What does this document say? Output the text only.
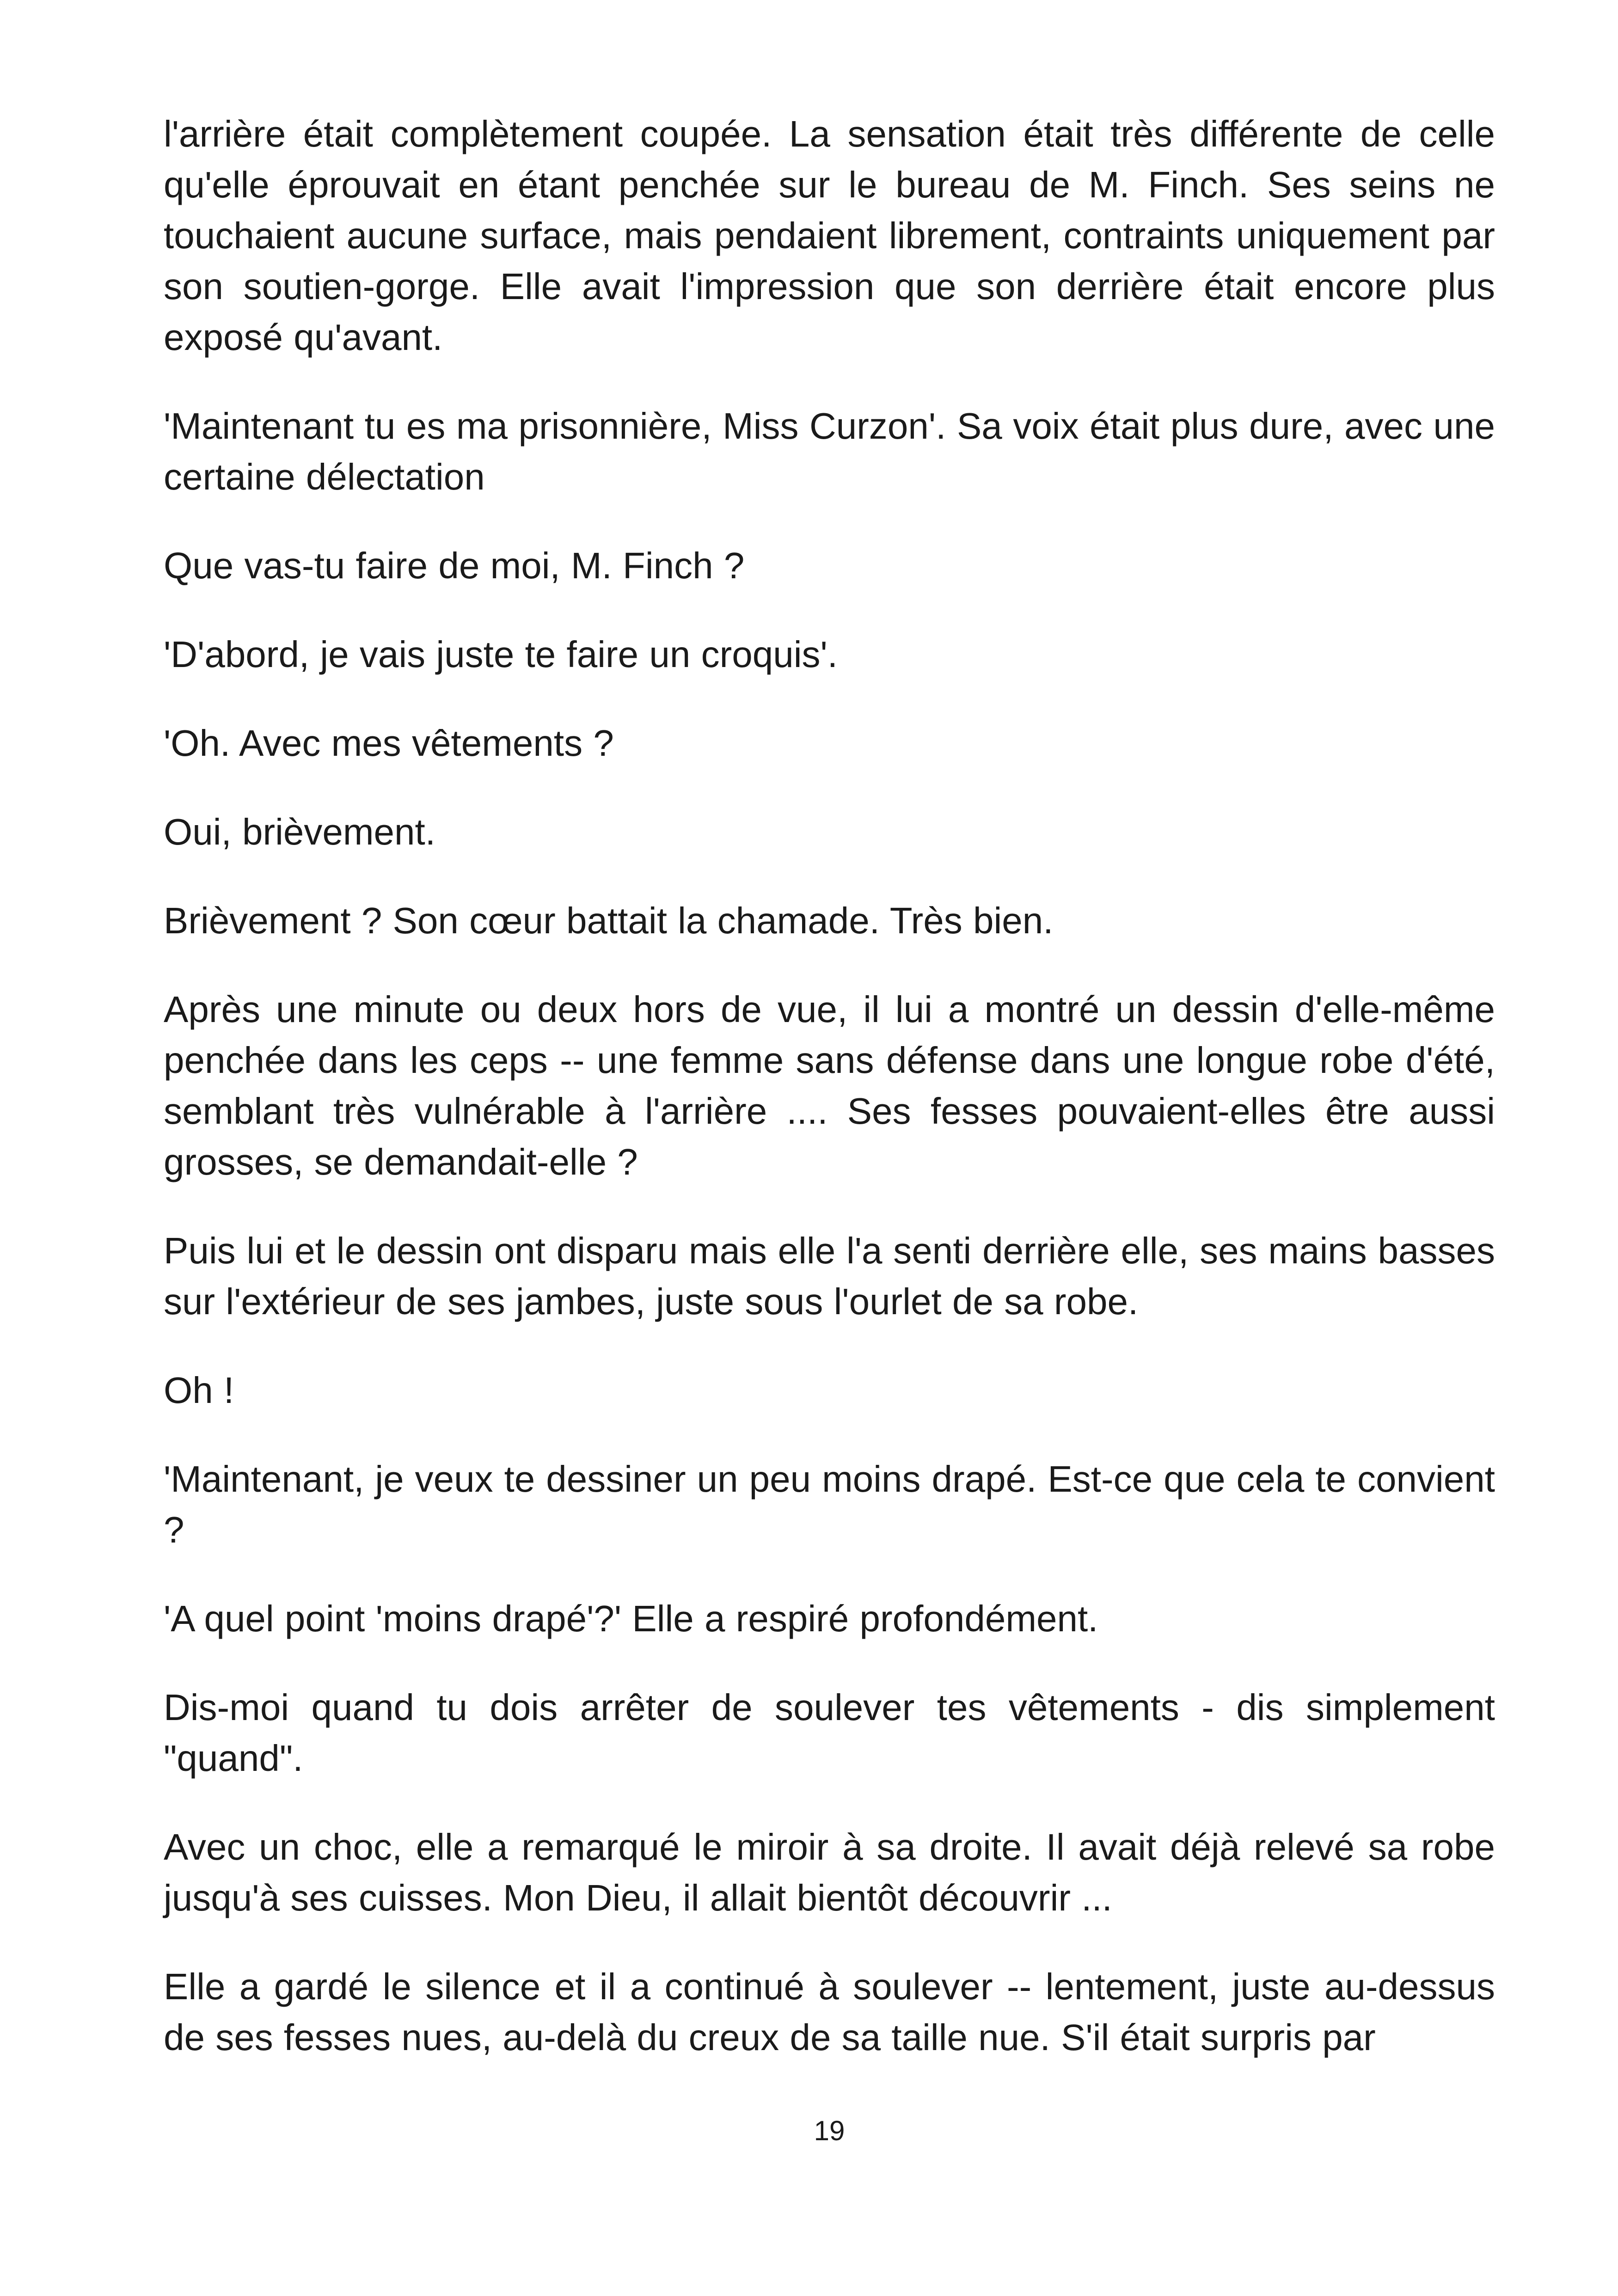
l'arrière était complètement coupée. La sensation était très différente de celle qu'elle éprouvait en étant penchée sur le bureau de M. Finch. Ses seins ne touchaient aucune surface, mais pendaient librement, contraints uniquement par son soutien-gorge. Elle avait l'impression que son derrière était encore plus exposé qu'avant.

'Maintenant tu es ma prisonnière, Miss Curzon'. Sa voix était plus dure, avec une certaine délectation

Que vas-tu faire de moi, M. Finch ?

'D'abord, je vais juste te faire un croquis'.

'Oh. Avec mes vêtements ?

Oui, brièvement.

Brièvement ? Son cœur battait la chamade. Très bien.

Après une minute ou deux hors de vue, il lui a montré un dessin d'elle-même penchée dans les ceps -- une femme sans défense dans une longue robe d'été, semblant très vulnérable à l'arrière .... Ses fesses pouvaient-elles être aussi grosses, se demandait-elle ?

Puis lui et le dessin ont disparu mais elle l'a senti derrière elle, ses mains basses sur l'extérieur de ses jambes, juste sous l'ourlet de sa robe.

Oh !

'Maintenant, je veux te dessiner un peu moins drapé. Est-ce que cela te convient ?

'A quel point 'moins drapé'?' Elle a respiré profondément.

Dis-moi quand tu dois arrêter de soulever tes vêtements - dis simplement "quand".

Avec un choc, elle a remarqué le miroir à sa droite. Il avait déjà relevé sa robe jusqu'à ses cuisses. Mon Dieu, il allait bientôt découvrir ...

Elle a gardé le silence et il a continué à soulever -- lentement, juste au-dessus de ses fesses nues, au-delà du creux de sa taille nue. S'il était surpris par

19
